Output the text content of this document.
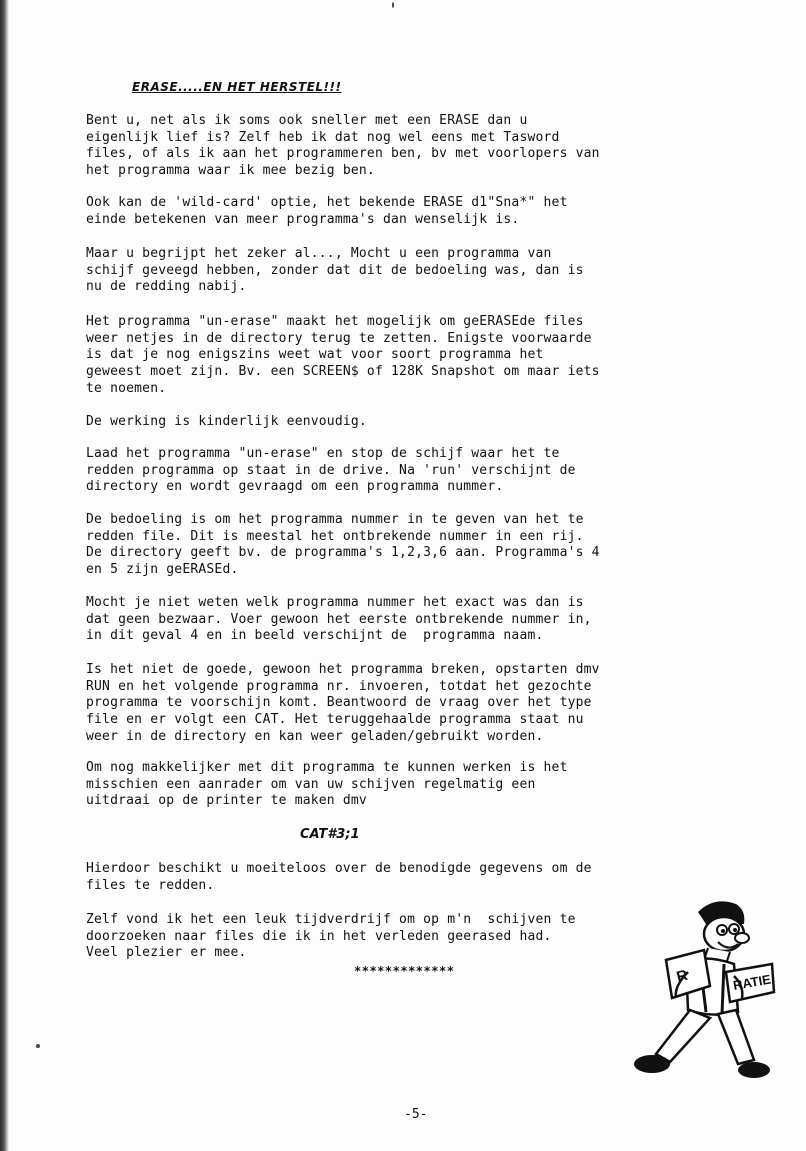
ERASE.....EN HET HERSTEL!!!

Bent u, net als ik soms ook sneller met een ERASE dan u
eigenlijk lief is? Zelf heb ik dat nog wel eens met Tasword
files, of als ik aan het programmeren ben, bv met voorlopers van
het programma waar ik mee bezig ben.

Ook kan de 'wild-card' optie, het bekende ERASE d1"Sna*" het
einde betekenen van meer programma's dan wenselijk is.

Maar u begrijpt het zeker al..., Mocht u een programma van
schijf geveegd hebben, zonder dat dit de bedoeling was, dan is
nu de redding nabij.

Het programma "un-erase" maakt het mogelijk om geERASEde files
weer netjes in de directory terug te zetten. Enigste voorwaarde
is dat je nog enigszins weet wat voor soort programma het
geweest moet zijn. Bv. een SCREEN$ of 128K Snapshot om maar iets
te noemen.

De werking is kinderlijk eenvoudig.

Laad het programma "un-erase" en stop de schijf waar het te
redden programma op staat in de drive. Na 'run' verschijnt de
directory en wordt gevraagd om een programma nummer.

De bedoeling is om het programma nummer in te geven van het te
redden file. Dit is meestal het ontbrekende nummer in een rij.
De directory geeft bv. de programma's 1,2,3,6 aan. Programma's 4
en 5 zijn geERASEd.

Mocht je niet weten welk programma nummer het exact was dan is
dat geen bezwaar. Voer gewoon het eerste ontbrekende nummer in,
in dit geval 4 en in beeld verschijnt de  programma naam.

Is het niet de goede, gewoon het programma breken, opstarten dmv
RUN en het volgende programma nr. invoeren, totdat het gezochte
programma te voorschijn komt. Beantwoord de vraag over het type
file en er volgt een CAT. Het teruggehaalde programma staat nu
weer in de directory en kan weer geladen/gebruikt worden.

Om nog makkelijker met dit programma te kunnen werken is het
misschien een aanrader om van uw schijven regelmatig een
uitdraai op de printer te maken dmv

CAT#3;1

Hierdoor beschikt u moeiteloos over de benodigde gegevens om de
files te redden.

Zelf vond ik het een leuk tijdverdrijf om op m'n  schijven te
doorzoeken naar files die ik in het verleden geerased had.
Veel plezier er mee.

*************
-5-
R	RATIE
